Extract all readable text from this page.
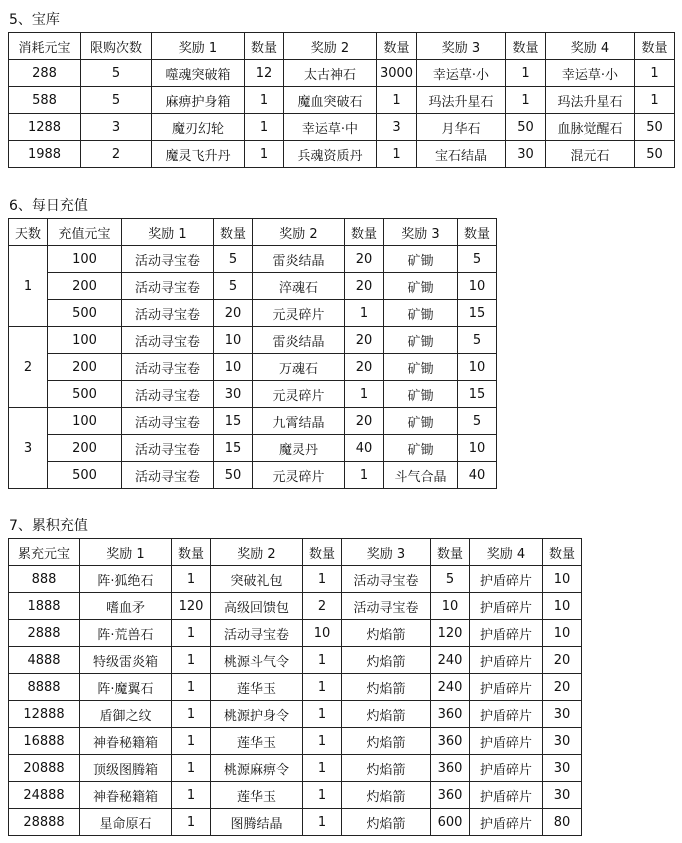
5、宝库
消耗元宝	限购次数	奖励 1	数量	奖励 2	数量	奖励 3	数量	奖励 4	数量
288	5	噬魂突破箱	12	太古神石	3000	幸运草·小	1	幸运草·小	1
588	5	麻痹护身箱	1	魔血突破石	1	玛法升星石	1	玛法升星石	1
1288	3	魔刃幻轮	1	幸运草·中	3	月华石	50	血脉觉醒石	50
1988	2	魔灵飞升丹	1	兵魂资质丹	1	宝石结晶	30	混元石	50
6、每日充值
天数	充值元宝	奖励 1	数量	奖励 2	数量	奖励 3	数量
1	100	活动寻宝卷	5	雷炎结晶	20	矿锄	5
	200	活动寻宝卷	5	淬魂石	20	矿锄	10
	500	活动寻宝卷	20	元灵碎片	1	矿锄	15
2	100	活动寻宝卷	10	雷炎结晶	20	矿锄	5
	200	活动寻宝卷	10	万魂石	20	矿锄	10
	500	活动寻宝卷	30	元灵碎片	1	矿锄	15
3	100	活动寻宝卷	15	九霄结晶	20	矿锄	5
	200	活动寻宝卷	15	魔灵丹	40	矿锄	10
	500	活动寻宝卷	50	元灵碎片	1	斗气合晶	40
7、累积充值
累充元宝	奖励 1	数量	奖励 2	数量	奖励 3	数量	奖励 4	数量
888	阵·狐绝石	1	突破礼包	1	活动寻宝卷	5	护盾碎片	10
1888	嗜血矛	120	高级回馈包	2	活动寻宝卷	10	护盾碎片	10
2888	阵·荒兽石	1	活动寻宝卷	10	灼焰箭	120	护盾碎片	10
4888	特级雷炎箱	1	桃源斗气令	1	灼焰箭	240	护盾碎片	20
8888	阵·魔翼石	1	莲华玉	1	灼焰箭	240	护盾碎片	20
12888	盾御之纹	1	桃源护身令	1	灼焰箭	360	护盾碎片	30
16888	神眷秘籍箱	1	莲华玉	1	灼焰箭	360	护盾碎片	30
20888	顶级图腾箱	1	桃源麻痹令	1	灼焰箭	360	护盾碎片	30
24888	神眷秘籍箱	1	莲华玉	1	灼焰箭	360	护盾碎片	30
28888	星命原石	1	图腾结晶	1	灼焰箭	600	护盾碎片	80
